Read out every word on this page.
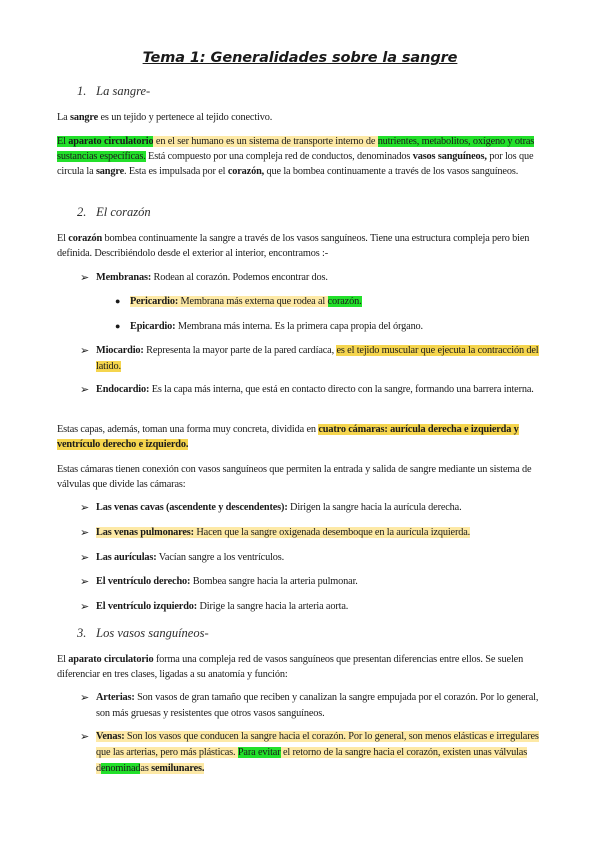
Tema 1: Generalidades sobre la sangre
1. La sangre-
La sangre es un tejido y pertenece al tejido conectivo.
El aparato circulatorio en el ser humano es un sistema de transporte interno de nutrientes, metabolitos, oxígeno y otras sustancias específicas. Está compuesto por una compleja red de conductos, denominados vasos sanguíneos, por los que circula la sangre. Esta es impulsada por el corazón, que la bombea continuamente a través de los vasos sanguíneos.
2. El corazón
El corazón bombea continuamente la sangre a través de los vasos sanguíneos. Tiene una estructura compleja pero bien definida. Describiéndolo desde el exterior al interior, encontramos :-
➢ Membranas: Rodean al corazón. Podemos encontrar dos.
● Pericardio: Membrana más externa que rodea al corazón.
● Epicardio: Membrana más interna. Es la primera capa propia del órgano.
➢ Miocardio: Representa la mayor parte de la pared cardíaca, es el tejido muscular que ejecuta la contracción del latido.
➢ Endocardio: Es la capa más interna, que está en contacto directo con la sangre, formando una barrera interna.
Estas capas, además, toman una forma muy concreta, dividida en cuatro cámaras: aurícula derecha e izquierda y ventrículo derecho e izquierdo.
Estas cámaras tienen conexión con vasos sanguíneos que permiten la entrada y salida de sangre mediante un sistema de válvulas que divide las cámaras:
➢ Las venas cavas (ascendente y descendentes): Dirigen la sangre hacia la aurícula derecha.
➢ Las venas pulmonares: Hacen que la sangre oxigenada desemboque en la aurícula izquierda.
➢ Las aurículas: Vacían sangre a los ventrículos.
➢ El ventrículo derecho: Bombea sangre hacia la arteria pulmonar.
➢ El ventrículo izquierdo: Dirige la sangre hacia la arteria aorta.
3. Los vasos sanguíneos-
El aparato circulatorio forma una compleja red de vasos sanguíneos que presentan diferencias entre ellos. Se suelen diferenciar en tres clases, ligadas a su anatomía y función:
➢ Arterias: Son vasos de gran tamaño que reciben y canalizan la sangre empujada por el corazón. Por lo general, son más gruesas y resistentes que otros vasos sanguíneos.
➢ Venas: Son los vasos que conducen la sangre hacia el corazón. Por lo general, son menos elásticas e irregulares que las arterias, pero más plásticas. Para evitar el retorno de la sangre hacia el corazón, existen unas válvulas denominadas semilunares.
